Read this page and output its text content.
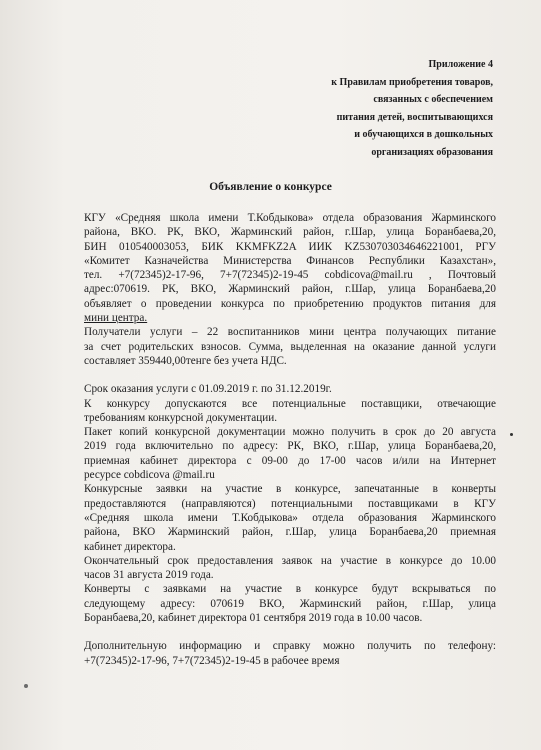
Приложение 4
к Правилам приобретения товаров,
связанных с обеспечением
питания детей, воспитывающихся
и обучающихся в дошкольных
организациях образования
Объявление о конкурсе
КГУ «Средняя школа имени Т.Кобдыкова» отдела образования Жарминского
района, ВКО. РК, ВКО, Жарминский район, г.Шар, улица Боранбаева,20,
БИН 010540003053, БИК KKMFKZ2A ИИК KZ530703034646221001, РГУ
«Комитет Казначейства Министерства Финансов Республики Казахстан»,
тел. +7(72345)2-17-96, 7+7(72345)2-19-45 cobdicova@mail.ru , Почтовый
адрес:070619. РК, ВКО, Жарминский район, г.Шар, улица Боранбаева,20
объявляет о проведении конкурса по приобретению продуктов питания для
мини центра.
Получатели услуги – 22 воспитанников мини центра получающих питание
за счет родительских взносов. Сумма, выделенная на оказание данной услуги
составляет 359440,00тенге без учета НДС.
Срок оказания услуги с 01.09.2019 г. по 31.12.2019г.
К конкурсу допускаются все потенциальные поставщики, отвечающие
требованиям конкурсной документации.
Пакет копий конкурсной документации можно получить в срок до 20 августа
2019 года включительно по адресу: РК, ВКО, г.Шар, улица Боранбаева,20,
приемная кабинет директора с 09-00 до 17-00 часов и/или на Интернет
ресурсе cobdicova @mail.ru
Конкурсные заявки на участие в конкурсе, запечатанные в конверты
предоставляются (направляются) потенциальными поставщиками в КГУ
«Средняя школа имени Т.Кобдыкова» отдела образования Жарминского
района, ВКО Жарминский район, г.Шар, улица Боранбаева,20 приемная
кабинет директора.
Окончательный срок предоставления заявок на участие в конкурсе до 10.00
часов 31 августа 2019 года.
Конверты с заявками на участие в конкурсе будут вскрываться по
следующему адресу: 070619 ВКО, Жарминский район, г.Шар, улица
Боранбаева,20, кабинет директора 01 сентября 2019 года в 10.00 часов.
Дополнительную информацию и справку можно получить по телефону:
+7(72345)2-17-96, 7+7(72345)2-19-45 в рабочее время
